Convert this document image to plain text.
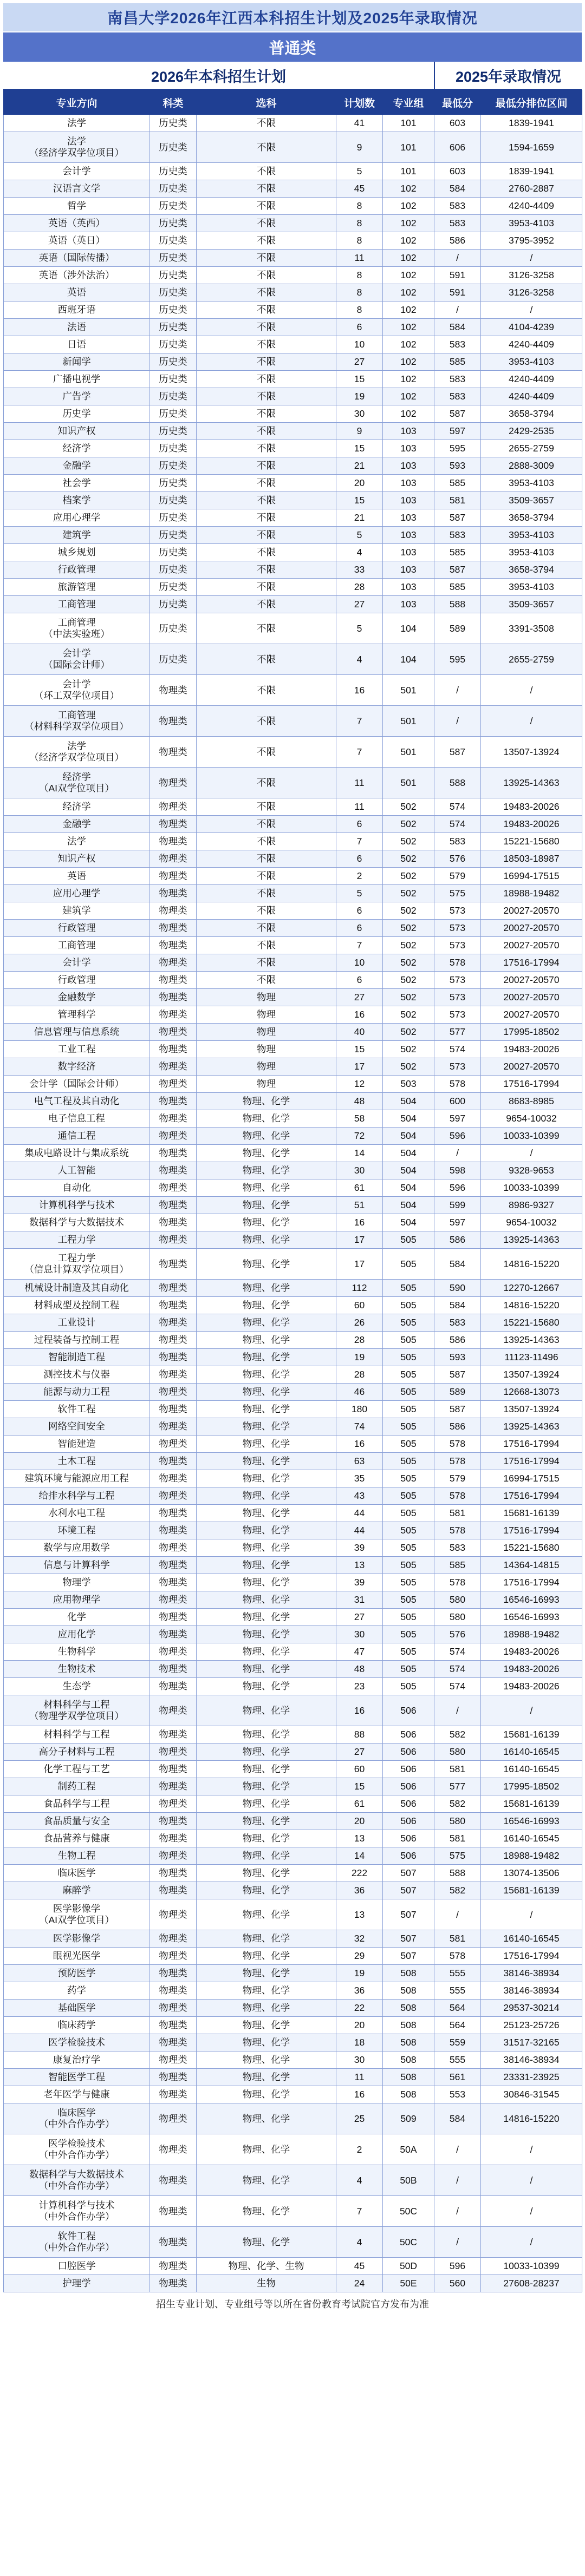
南昌大学2026年江西本科招生计划及2025年录取情况
普通类
2026年本科招生计划	2025年录取情况
专业方向	科类	选科	计划数	专业组	最低分	最低分排位区间
法学	历史类	不限	41	101	603	1839-1941
法学
（经济学双学位项目）	历史类	不限	9	101	606	1594-1659
会计学	历史类	不限	5	101	603	1839-1941
汉语言文学	历史类	不限	45	102	584	2760-2887
哲学	历史类	不限	8	102	583	4240-4409
英语（英西）	历史类	不限	8	102	583	3953-4103
英语（英日）	历史类	不限	8	102	586	3795-3952
英语（国际传播）	历史类	不限	11	102	/	/
英语（涉外法治）	历史类	不限	8	102	591	3126-3258
英语	历史类	不限	8	102	591	3126-3258
西班牙语	历史类	不限	8	102	/	/
法语	历史类	不限	6	102	584	4104-4239
日语	历史类	不限	10	102	583	4240-4409
新闻学	历史类	不限	27	102	585	3953-4103
广播电视学	历史类	不限	15	102	583	4240-4409
广告学	历史类	不限	19	102	583	4240-4409
历史学	历史类	不限	30	102	587	3658-3794
知识产权	历史类	不限	9	103	597	2429-2535
经济学	历史类	不限	15	103	595	2655-2759
金融学	历史类	不限	21	103	593	2888-3009
社会学	历史类	不限	20	103	585	3953-4103
档案学	历史类	不限	15	103	581	3509-3657
应用心理学	历史类	不限	21	103	587	3658-3794
建筑学	历史类	不限	5	103	583	3953-4103
城乡规划	历史类	不限	4	103	585	3953-4103
行政管理	历史类	不限	33	103	587	3658-3794
旅游管理	历史类	不限	28	103	585	3953-4103
工商管理	历史类	不限	27	103	588	3509-3657
工商管理
（中法实验班）	历史类	不限	5	104	589	3391-3508
会计学
（国际会计师）	历史类	不限	4	104	595	2655-2759
会计学
（环工双学位项目）	物理类	不限	16	501	/	/
工商管理
（材料科学双学位项目）	物理类	不限	7	501	/	/
法学
（经济学双学位项目）	物理类	不限	7	501	587	13507-13924
经济学
（AI双学位项目）	物理类	不限	11	501	588	13925-14363
经济学	物理类	不限	11	502	574	19483-20026
金融学	物理类	不限	6	502	574	19483-20026
法学	物理类	不限	7	502	583	15221-15680
知识产权	物理类	不限	6	502	576	18503-18987
英语	物理类	不限	2	502	579	16994-17515
应用心理学	物理类	不限	5	502	575	18988-19482
建筑学	物理类	不限	6	502	573	20027-20570
行政管理	物理类	不限	6	502	573	20027-20570
工商管理	物理类	不限	7	502	573	20027-20570
会计学	物理类	不限	10	502	578	17516-17994
行政管理	物理类	不限	6	502	573	20027-20570
金融数学	物理类	物理	27	502	573	20027-20570
管理科学	物理类	物理	16	502	573	20027-20570
信息管理与信息系统	物理类	物理	40	502	577	17995-18502
工业工程	物理类	物理	15	502	574	19483-20026
数字经济	物理类	物理	17	502	573	20027-20570
会计学（国际会计师）	物理类	物理	12	503	578	17516-17994
电气工程及其自动化	物理类	物理、化学	48	504	600	8683-8985
电子信息工程	物理类	物理、化学	58	504	597	9654-10032
通信工程	物理类	物理、化学	72	504	596	10033-10399
集成电路设计与集成系统	物理类	物理、化学	14	504	/	/
人工智能	物理类	物理、化学	30	504	598	9328-9653
自动化	物理类	物理、化学	61	504	596	10033-10399
计算机科学与技术	物理类	物理、化学	51	504	599	8986-9327
数据科学与大数据技术	物理类	物理、化学	16	504	597	9654-10032
工程力学	物理类	物理、化学	17	505	586	13925-14363
工程力学
（信息计算双学位项目）	物理类	物理、化学	17	505	584	14816-15220
机械设计制造及其自动化	物理类	物理、化学	112	505	590	12270-12667
材料成型及控制工程	物理类	物理、化学	60	505	584	14816-15220
工业设计	物理类	物理、化学	26	505	583	15221-15680
过程装备与控制工程	物理类	物理、化学	28	505	586	13925-14363
智能制造工程	物理类	物理、化学	19	505	593	11123-11496
测控技术与仪器	物理类	物理、化学	28	505	587	13507-13924
能源与动力工程	物理类	物理、化学	46	505	589	12668-13073
软件工程	物理类	物理、化学	180	505	587	13507-13924
网络空间安全	物理类	物理、化学	74	505	586	13925-14363
智能建造	物理类	物理、化学	16	505	578	17516-17994
土木工程	物理类	物理、化学	63	505	578	17516-17994
建筑环境与能源应用工程	物理类	物理、化学	35	505	579	16994-17515
给排水科学与工程	物理类	物理、化学	43	505	578	17516-17994
水利水电工程	物理类	物理、化学	44	505	581	15681-16139
环境工程	物理类	物理、化学	44	505	578	17516-17994
数学与应用数学	物理类	物理、化学	39	505	583	15221-15680
信息与计算科学	物理类	物理、化学	13	505	585	14364-14815
物理学	物理类	物理、化学	39	505	578	17516-17994
应用物理学	物理类	物理、化学	31	505	580	16546-16993
化学	物理类	物理、化学	27	505	580	16546-16993
应用化学	物理类	物理、化学	30	505	576	18988-19482
生物科学	物理类	物理、化学	47	505	574	19483-20026
生物技术	物理类	物理、化学	48	505	574	19483-20026
生态学	物理类	物理、化学	23	505	574	19483-20026
材料科学与工程
（物理学双学位项目）	物理类	物理、化学	16	506	/	/
材料科学与工程	物理类	物理、化学	88	506	582	15681-16139
高分子材料与工程	物理类	物理、化学	27	506	580	16140-16545
化学工程与工艺	物理类	物理、化学	60	506	581	16140-16545
制药工程	物理类	物理、化学	15	506	577	17995-18502
食品科学与工程	物理类	物理、化学	61	506	582	15681-16139
食品质量与安全	物理类	物理、化学	20	506	580	16546-16993
食品营养与健康	物理类	物理、化学	13	506	581	16140-16545
生物工程	物理类	物理、化学	14	506	575	18988-19482
临床医学	物理类	物理、化学	222	507	588	13074-13506
麻醉学	物理类	物理、化学	36	507	582	15681-16139
医学影像学
（AI双学位项目）	物理类	物理、化学	13	507	/	/
医学影像学	物理类	物理、化学	32	507	581	16140-16545
眼视光医学	物理类	物理、化学	29	507	578	17516-17994
预防医学	物理类	物理、化学	19	508	555	38146-38934
药学	物理类	物理、化学	36	508	555	38146-38934
基础医学	物理类	物理、化学	22	508	564	29537-30214
临床药学	物理类	物理、化学	20	508	564	25123-25726
医学检验技术	物理类	物理、化学	18	508	559	31517-32165
康复治疗学	物理类	物理、化学	30	508	555	38146-38934
智能医学工程	物理类	物理、化学	11	508	561	23331-23925
老年医学与健康	物理类	物理、化学	16	508	553	30846-31545
临床医学
（中外合作办学）	物理类	物理、化学	25	509	584	14816-15220
医学检验技术
（中外合作办学）	物理类	物理、化学	2	50A	/	/
数据科学与大数据技术
（中外合作办学）	物理类	物理、化学	4	50B	/	/
计算机科学与技术
（中外合作办学）	物理类	物理、化学	7	50C	/	/
软件工程
（中外合作办学）	物理类	物理、化学	4	50C	/	/
口腔医学	物理类	物理、化学、生物	45	50D	596	10033-10399
护理学	物理类	生物	24	50E	560	27608-28237
招生专业计划、专业组号等以所在省份教育考试院官方发布为准
